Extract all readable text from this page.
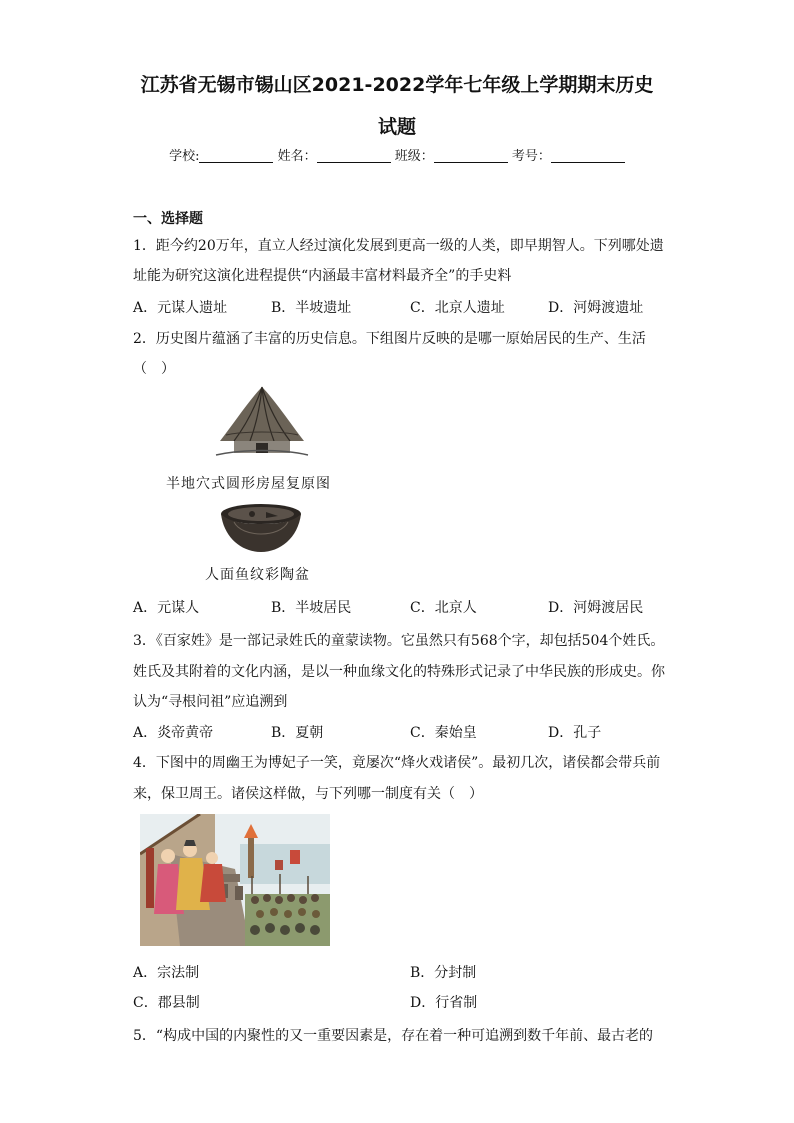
江苏省无锡市锡山区2021-2022学年七年级上学期期末历史
试题
学校:	姓名：	班级：	考号：
一、选择题
1．距今约20万年，直立人经过演化发展到更高一级的人类，即早期智人。下列哪处遗
址能为研究这演化进程提供“内涵最丰富材料最齐全”的手史料
A．元谋人遗址	B．半坡遗址	C．北京人遗址	D．河姆渡遗址
2．历史图片蕴涵了丰富的历史信息。下组图片反映的是哪一原始居民的生产、生活
（　）
半地穴式圆形房屋复原图
人面鱼纹彩陶盆
A．元谋人	B．半坡居民	C．北京人	D．河姆渡居民
3．《百家姓》是一部记录姓氏的童蒙读物。它虽然只有568个字，却包括504个姓氏。
姓氏及其附着的文化内涵，是以一种血缘文化的特殊形式记录了中华民族的形成史。你
认为“寻根问祖”应追溯到
A．炎帝黄帝	B．夏朝	C．秦始皇	D．孔子
4．下图中的周幽王为博妃子一笑，竟屡次“烽火戏诸侯”。最初几次，诸侯都会带兵前
来，保卫周王。诸侯这样做，与下列哪一制度有关（　）
A．宗法制	B．分封制
C．郡县制	D．行省制
5．“构成中国的内聚性的又一重要因素是，存在着一种可追溯到数千年前、最古老的
